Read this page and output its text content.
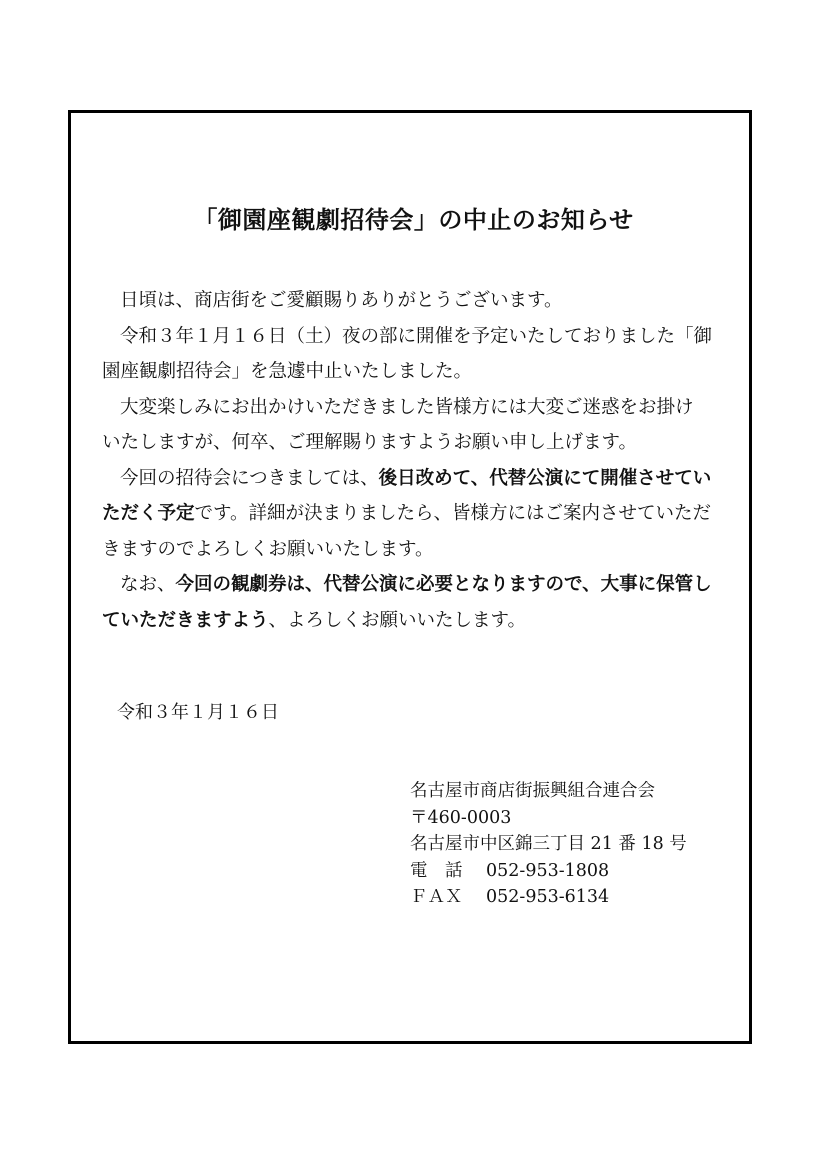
「御園座観劇招待会」の中止のお知らせ
日頃は、商店街をご愛顧賜りありがとうございます。
令和３年１月１６日（土）夜の部に開催を予定いたしておりました「御
園座観劇招待会」を急遽中止いたしました。
大変楽しみにお出かけいただきました皆様方には大変ご迷惑をお掛け
いたしますが、何卒、ご理解賜りますようお願い申し上げます。
今回の招待会につきましては、後日改めて、代替公演にて開催させてい
ただく予定です。詳細が決まりましたら、皆様方にはご案内させていただ
きますのでよろしくお願いいたします。
なお、今回の観劇券は、代替公演に必要となりますので、大事に保管し
ていただきますよう、よろしくお願いいたします。
令和３年１月１６日
名古屋市商店街振興組合連合会
〒460-0003
名古屋市中区錦三丁目 21 番 18 号
電　話 052-953-1808
ＦＡＸ 052-953-6134
